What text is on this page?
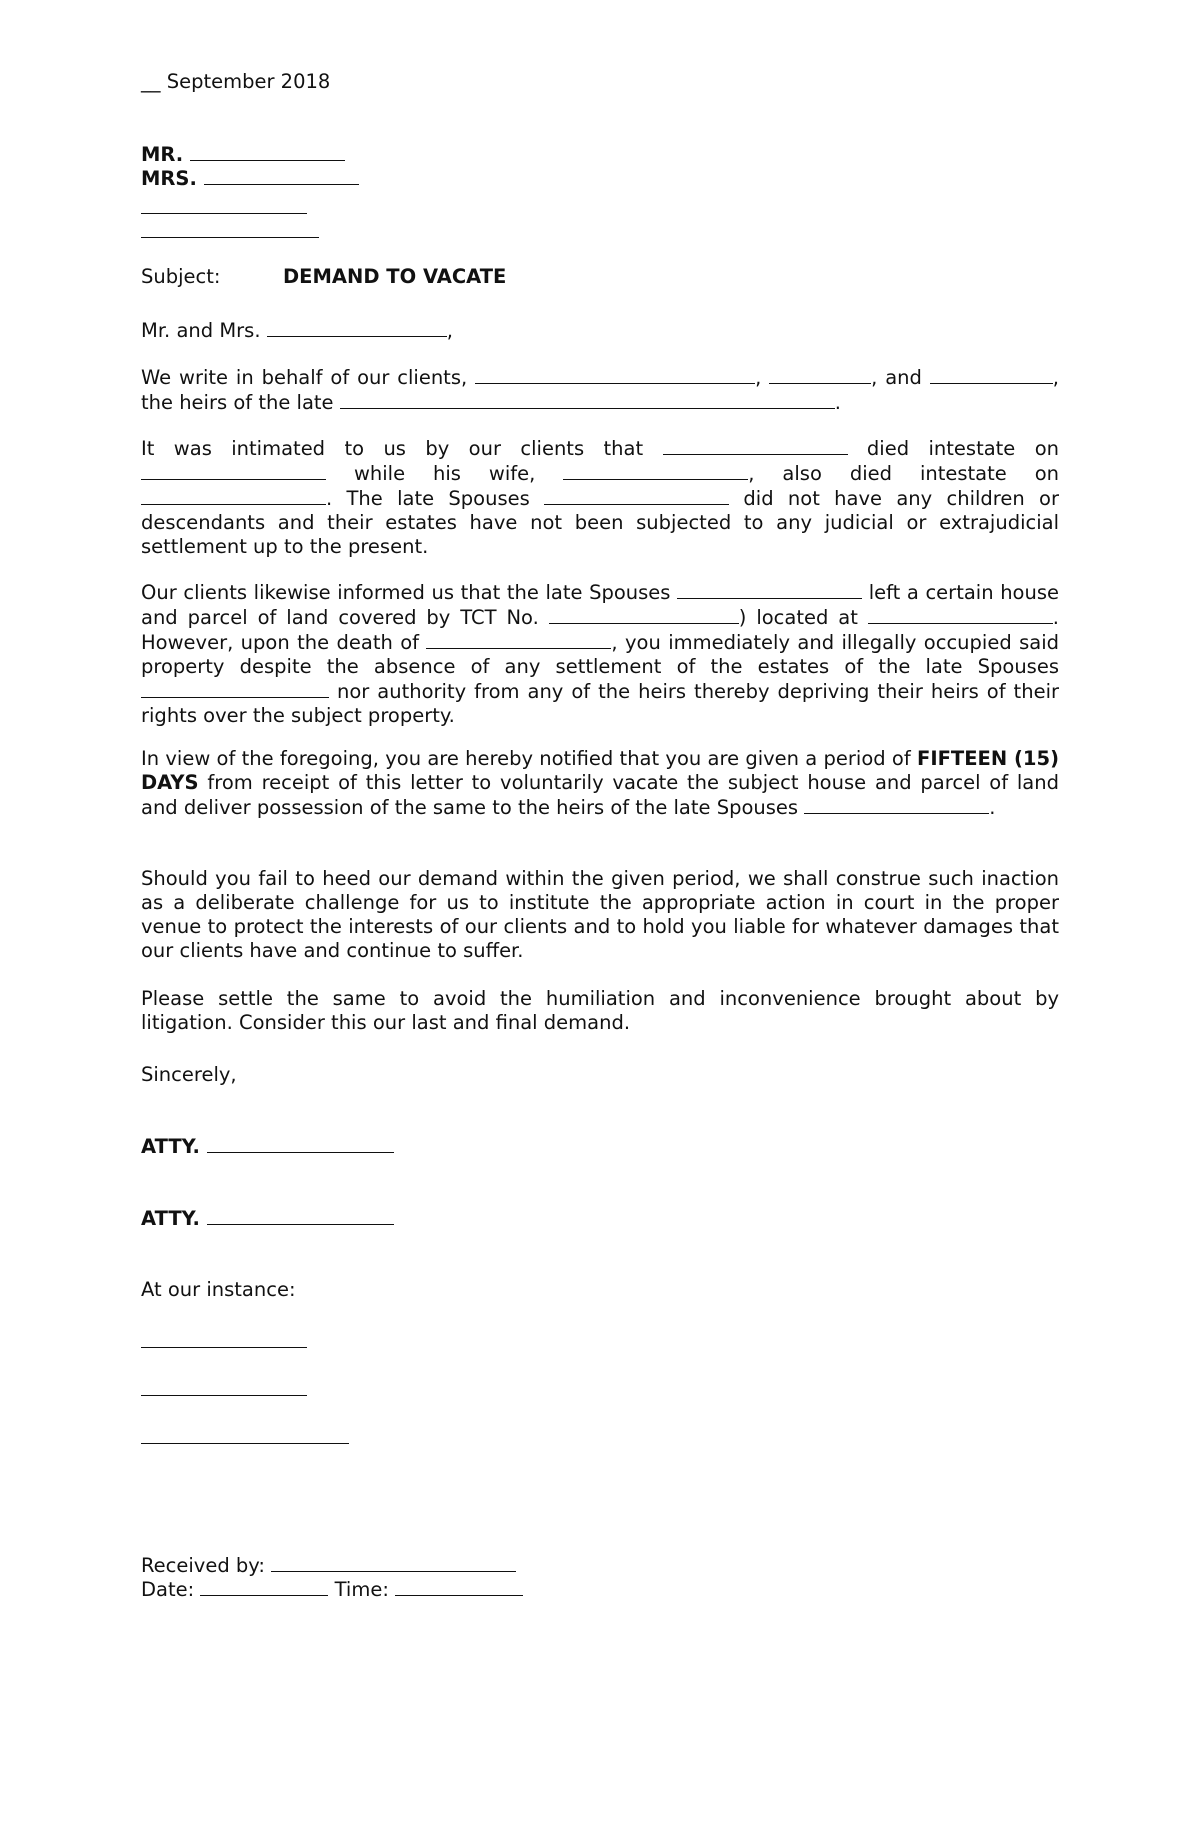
__ September 2018
MR.
MRS.
Subject:	DEMAND TO VACATE
Mr. and Mrs.	,

We write in behalf of our clients,	,	, and	, the heirs of the late	.

It was intimated to us by our clients that	died intestate on  while his wife,	, also died intestate on . The late Spouses	did not have any children or descendants and their estates have not been subjected to any judicial or extrajudicial settlement up to the present.

Our clients likewise informed us that the late Spouses	left a certain house and parcel of land covered by TCT No.	) located at	. However, upon the death of	, you immediately and illegally occupied said property despite the absence of any settlement of the estates of the late Spouses  nor authority from any of the heirs thereby depriving their heirs of their rights over the subject property.

In view of the foregoing, you are hereby notified that you are given a period of FIFTEEN (15) DAYS from receipt of this letter to voluntarily vacate the subject house and parcel of land and deliver possession of the same to the heirs of the late Spouses	.

Should you fail to heed our demand within the given period, we shall construe such inaction as a deliberate challenge for us to institute the appropriate action in court in the proper venue to protect the interests of our clients and to hold you liable for whatever damages that our clients have and continue to suffer.

Please settle the same to avoid the humiliation and inconvenience brought about by litigation. Consider this our last and final demand.

Sincerely,
ATTY.
ATTY.
At our instance:
Received by:
Date:	Time:
